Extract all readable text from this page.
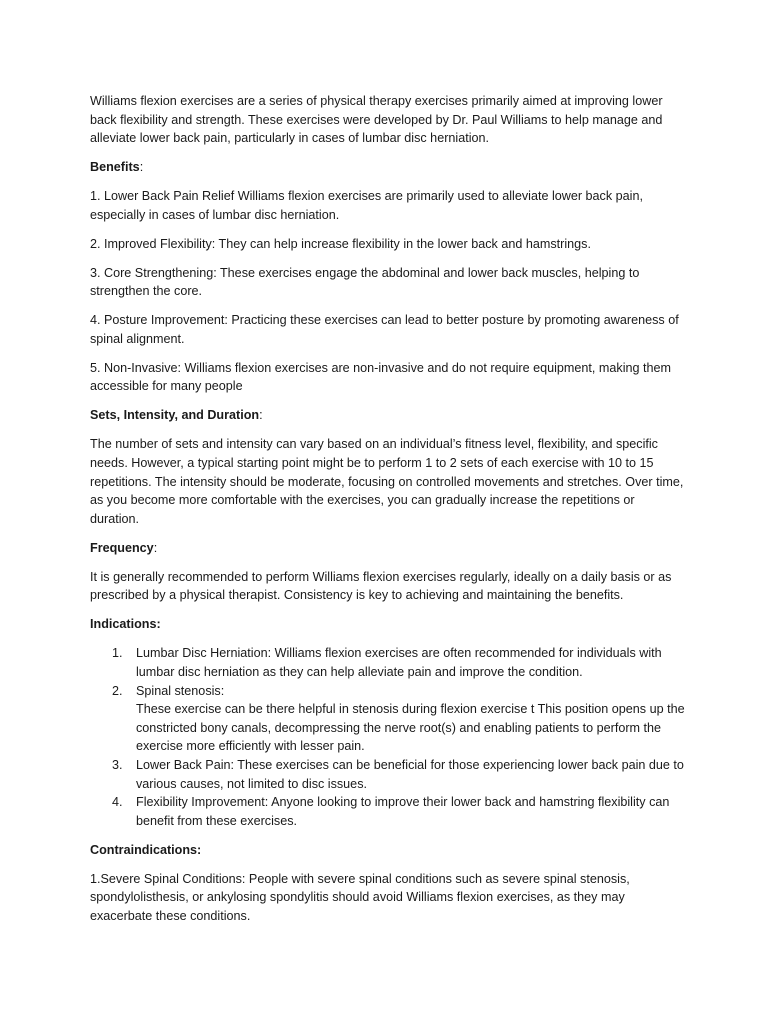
Williams flexion exercises are a series of physical therapy exercises primarily aimed at improving lower back flexibility and strength. These exercises were developed by Dr. Paul Williams to help manage and alleviate lower back pain, particularly in cases of lumbar disc herniation.

Benefits:

1. Lower Back Pain Relief Williams flexion exercises are primarily used to alleviate lower back pain, especially in cases of lumbar disc herniation.

2. Improved Flexibility: They can help increase flexibility in the lower back and hamstrings.

3. Core Strengthening: These exercises engage the abdominal and lower back muscles, helping to strengthen the core.

4. Posture Improvement: Practicing these exercises can lead to better posture by promoting awareness of spinal alignment.

5. Non-Invasive: Williams flexion exercises are non-invasive and do not require equipment, making them accessible for many people

Sets, Intensity, and Duration:

The number of sets and intensity can vary based on an individual’s fitness level, flexibility, and specific needs. However, a typical starting point might be to perform 1 to 2 sets of each exercise with 10 to 15 repetitions. The intensity should be moderate, focusing on controlled movements and stretches. Over time, as you become more comfortable with the exercises, you can gradually increase the repetitions or duration.

Frequency:

It is generally recommended to perform Williams flexion exercises regularly, ideally on a daily basis or as prescribed by a physical therapist. Consistency is key to achieving and maintaining the benefits.

Indications:

1. Lumbar Disc Herniation: Williams flexion exercises are often recommended for individuals with lumbar disc herniation as they can help alleviate pain and improve the condition.
2. Spinal stenosis:
These exercise can be there helpful in stenosis during flexion exercise t This position opens up the constricted bony canals, decompressing the nerve root(s) and enabling patients to perform the exercise more efficiently with lesser pain.
3. Lower Back Pain: These exercises can be beneficial for those experiencing lower back pain due to various causes, not limited to disc issues.
4. Flexibility Improvement: Anyone looking to improve their lower back and hamstring flexibility can benefit from these exercises.

Contraindications:

1.Severe Spinal Conditions: People with severe spinal conditions such as severe spinal stenosis, spondylolisthesis, or ankylosing spondylitis should avoid Williams flexion exercises, as they may exacerbate these conditions.
